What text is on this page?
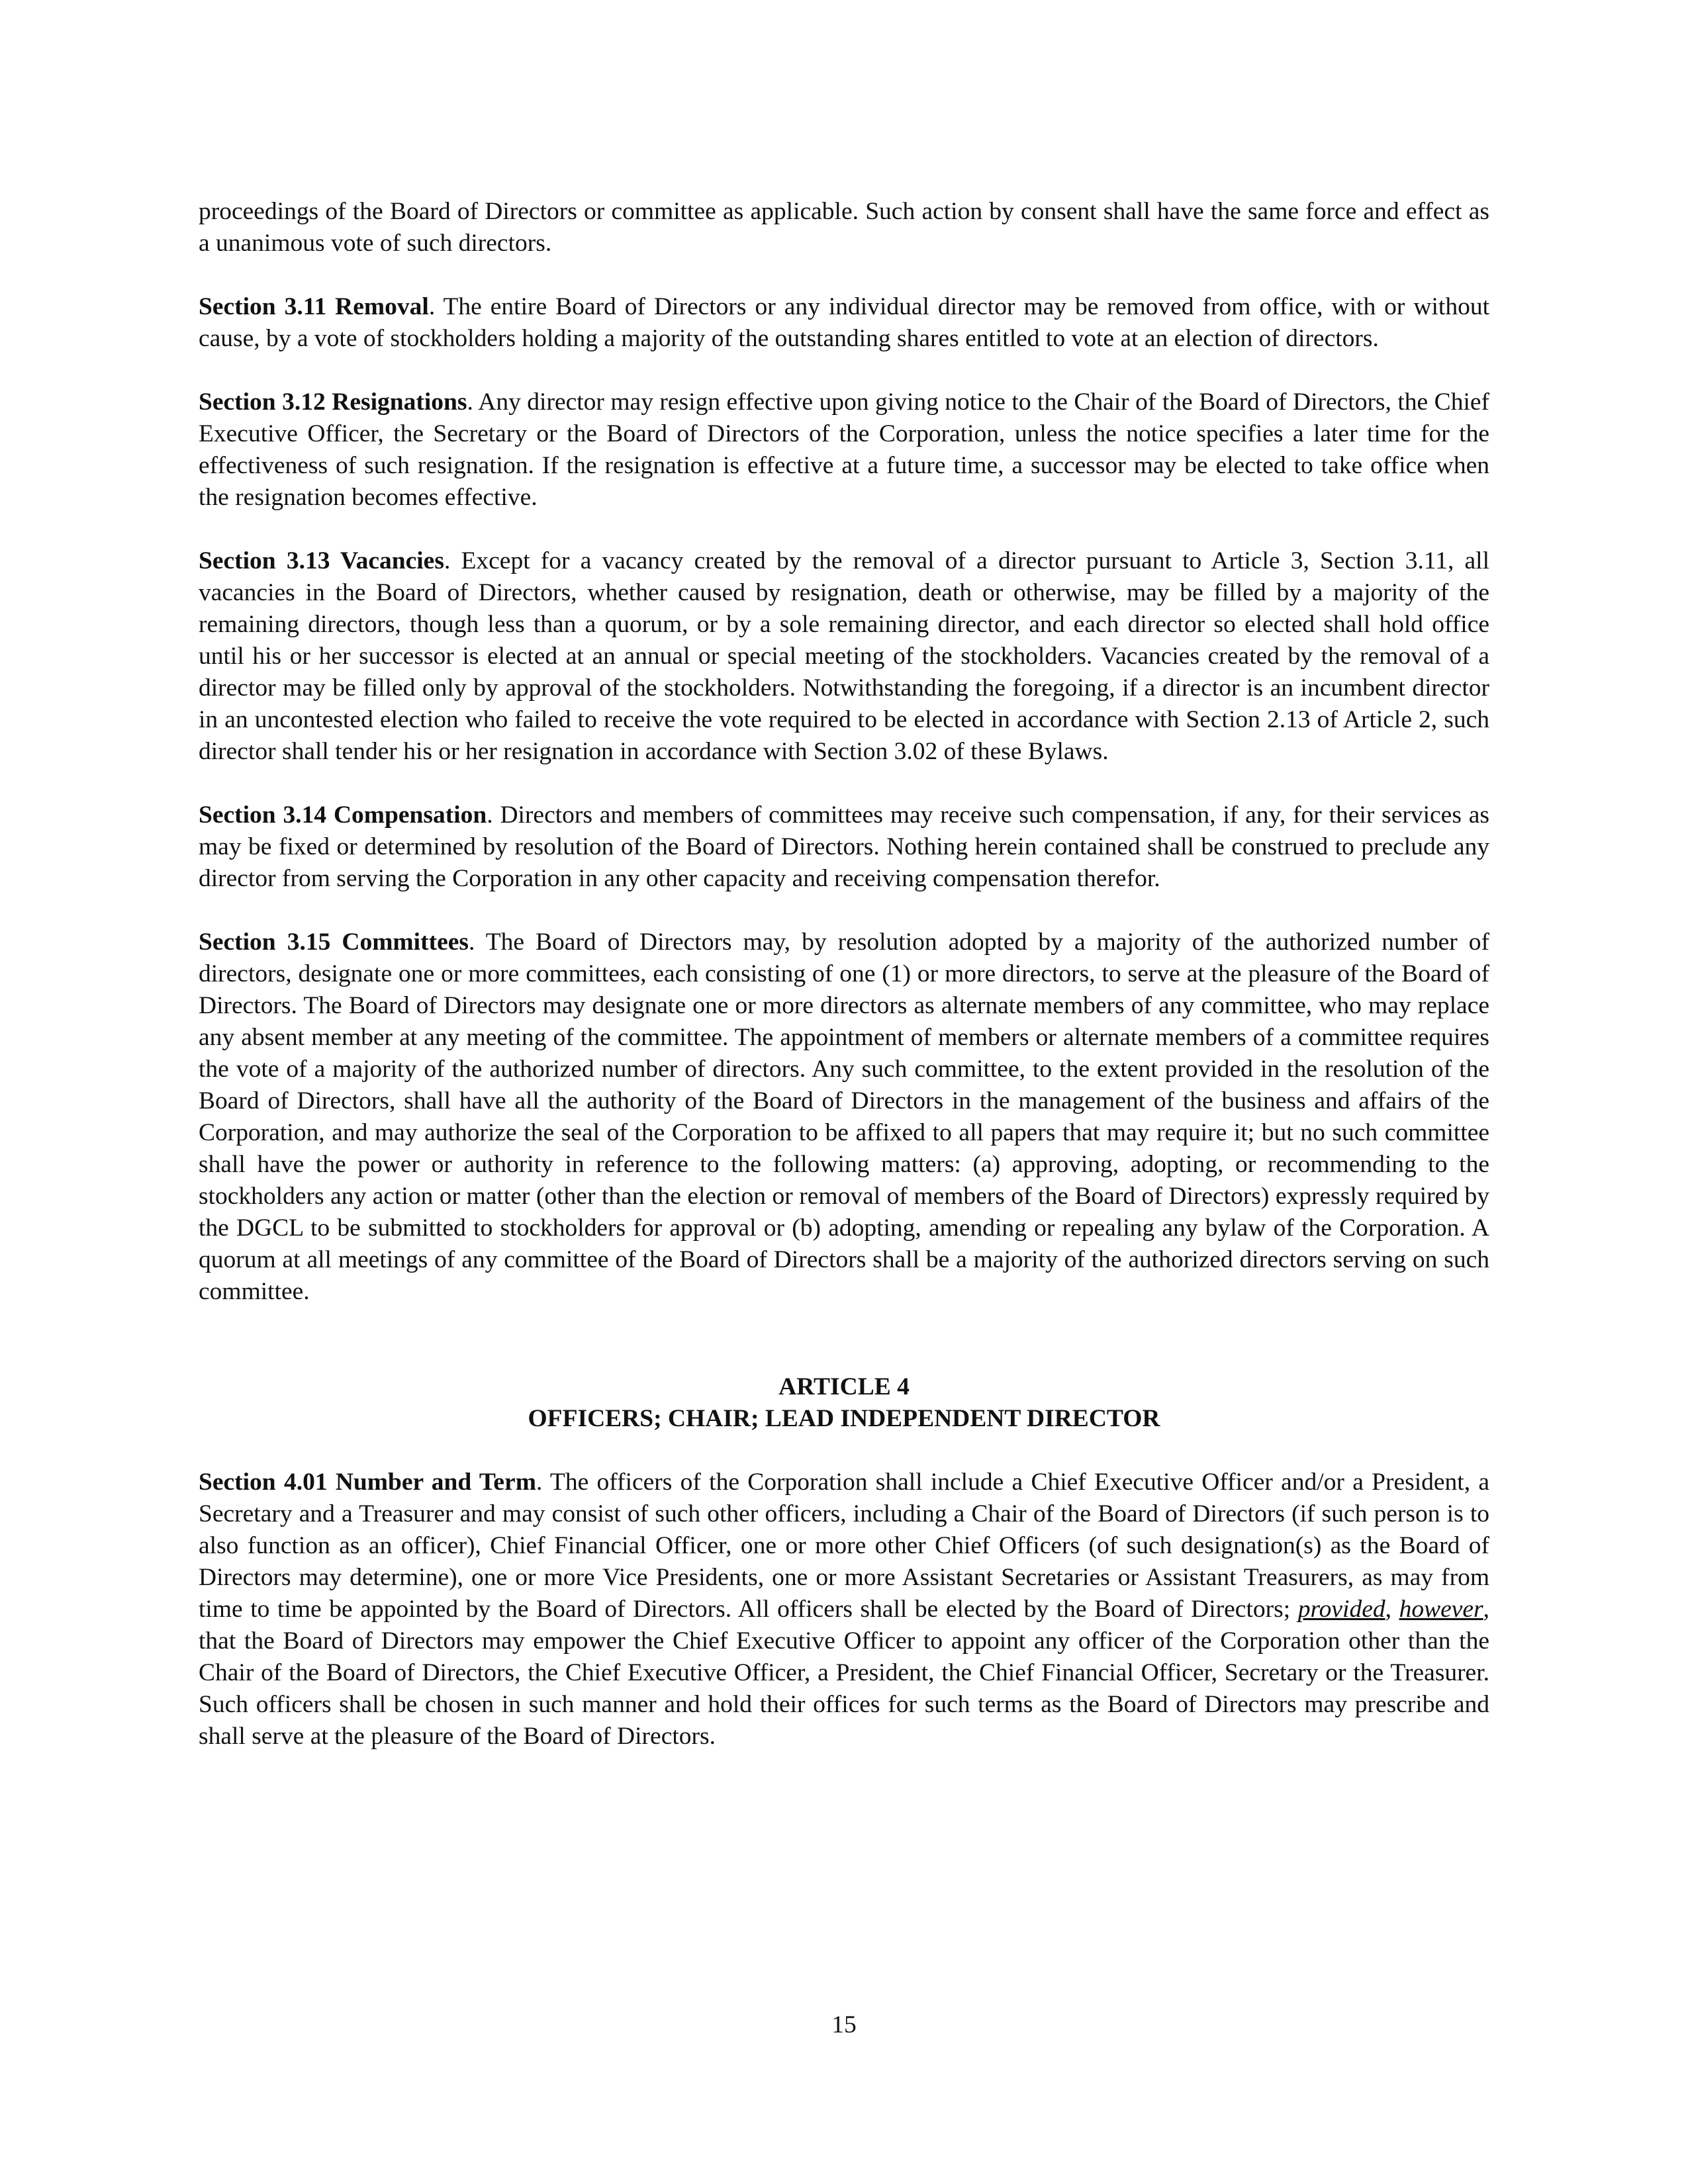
proceedings of the Board of Directors or committee as applicable. Such action by consent shall have the same force and effect as a unanimous vote of such directors.

Section 3.11 Removal. The entire Board of Directors or any individual director may be removed from office, with or without cause, by a vote of stockholders holding a majority of the outstanding shares entitled to vote at an election of directors.

Section 3.12 Resignations. Any director may resign effective upon giving notice to the Chair of the Board of Directors, the Chief Executive Officer, the Secretary or the Board of Directors of the Corporation, unless the notice specifies a later time for the effectiveness of such resignation. If the resignation is effective at a future time, a successor may be elected to take office when the resignation becomes effective.

Section 3.13 Vacancies. Except for a vacancy created by the removal of a director pursuant to Article 3, Section 3.11, all vacancies in the Board of Directors, whether caused by resignation, death or otherwise, may be filled by a majority of the remaining directors, though less than a quorum, or by a sole remaining director, and each director so elected shall hold office until his or her successor is elected at an annual or special meeting of the stockholders. Vacancies created by the removal of a director may be filled only by approval of the stockholders. Notwithstanding the foregoing, if a director is an incumbent director in an uncontested election who failed to receive the vote required to be elected in accordance with Section 2.13 of Article 2, such director shall tender his or her resignation in accordance with Section 3.02 of these Bylaws.

Section 3.14 Compensation. Directors and members of committees may receive such compensation, if any, for their services as may be fixed or determined by resolution of the Board of Directors. Nothing herein contained shall be construed to preclude any director from serving the Corporation in any other capacity and receiving compensation therefor.

Section 3.15 Committees. The Board of Directors may, by resolution adopted by a majority of the authorized number of directors, designate one or more committees, each consisting of one (1) or more directors, to serve at the pleasure of the Board of Directors. The Board of Directors may designate one or more directors as alternate members of any committee, who may replace any absent member at any meeting of the committee. The appointment of members or alternate members of a committee requires the vote of a majority of the authorized number of directors. Any such committee, to the extent provided in the resolution of the Board of Directors, shall have all the authority of the Board of Directors in the management of the business and affairs of the Corporation, and may authorize the seal of the Corporation to be affixed to all papers that may require it; but no such committee shall have the power or authority in reference to the following matters: (a) approving, adopting, or recommending to the stockholders any action or matter (other than the election or removal of members of the Board of Directors) expressly required by the DGCL to be submitted to stockholders for approval or (b) adopting, amending or repealing any bylaw of the Corporation. A quorum at all meetings of any committee of the Board of Directors shall be a majority of the authorized directors serving on such committee.

ARTICLE 4
OFFICERS; CHAIR; LEAD INDEPENDENT DIRECTOR

Section 4.01 Number and Term. The officers of the Corporation shall include a Chief Executive Officer and/or a President, a Secretary and a Treasurer and may consist of such other officers, including a Chair of the Board of Directors (if such person is to also function as an officer), Chief Financial Officer, one or more other Chief Officers (of such designation(s) as the Board of Directors may determine), one or more Vice Presidents, one or more Assistant Secretaries or Assistant Treasurers, as may from time to time be appointed by the Board of Directors. All officers shall be elected by the Board of Directors; provided, however, that the Board of Directors may empower the Chief Executive Officer to appoint any officer of the Corporation other than the Chair of the Board of Directors, the Chief Executive Officer, a President, the Chief Financial Officer, Secretary or the Treasurer. Such officers shall be chosen in such manner and hold their offices for such terms as the Board of Directors may prescribe and shall serve at the pleasure of the Board of Directors.

15
